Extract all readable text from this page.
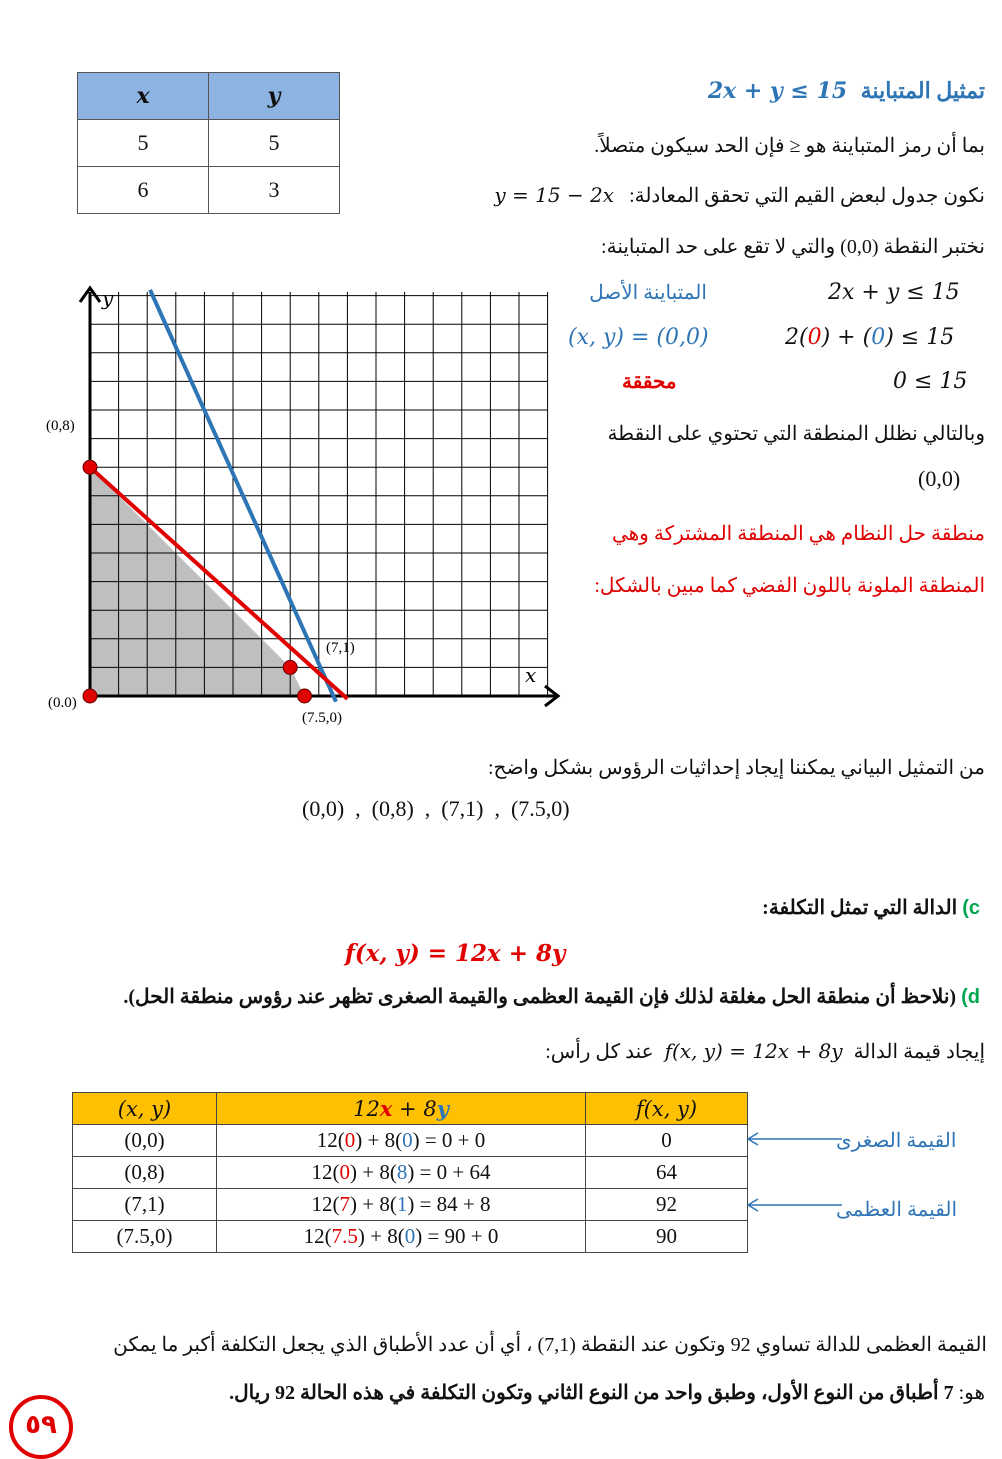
x	y
5	5
6	3
تمثيل المتباينة 2x + y ≤ 15
بما أن رمز المتباينة هو ≤ فإن الحد سيكون متصلاً.
نكون جدول لبعض القيم التي تحقق المعادلة: y = 15 − 2x
نختبر النقطة (0,0) والتي لا تقع على حد المتباينة:
المتباينة الأصل	2x + y ≤ 15
(x, y) = (0,0)	2(0) + (0) ≤ 15
محققة	0 ≤ 15
وبالتالي نظلل المنطقة التي تحتوي على النقطة
(0,0)
منطقة حل النظام هي المنطقة المشتركة وهي
المنطقة الملونة باللون الفضي كما مبين بالشكل:
y
x
(0,8)
(0.0)
(7,1)
(7.5,0)
من التمثيل البياني يمكننا إيجاد إحداثيات الرؤوس بشكل واضح:
(0,0)  ,  (0,8)  ,  (7,1)  ,  (7.5,0)
c) الدالة التي تمثل التكلفة:
f(x, y) = 12x + 8y
d) (نلاحظ أن منطقة الحل مغلقة لذلك فإن القيمة العظمى والقيمة الصغرى تظهر عند رؤوس منطقة الحل).
إيجاد قيمة الدالة f(x, y) = 12x + 8y عند كل رأس:
(x, y)	12x + 8y	f(x, y)
(0,0)	12(0) + 8(0) = 0 + 0	0
(0,8)	12(0) + 8(8) = 0 + 64	64
(7,1)	12(7) + 8(1) = 84 + 8	92
(7.5,0)	12(7.5) + 8(0) = 90 + 0	90
القيمة الصغرى
القيمة العظمى
القيمة العظمى للدالة تساوي 92 وتكون عند النقطة (7,1) ، أي أن عدد الأطباق الذي يجعل التكلفة أكبر ما يمكن
هو: 7 أطباق من النوع الأول، وطبق واحد من النوع الثاني وتكون التكلفة في هذه الحالة 92 ريال.
٥٩
